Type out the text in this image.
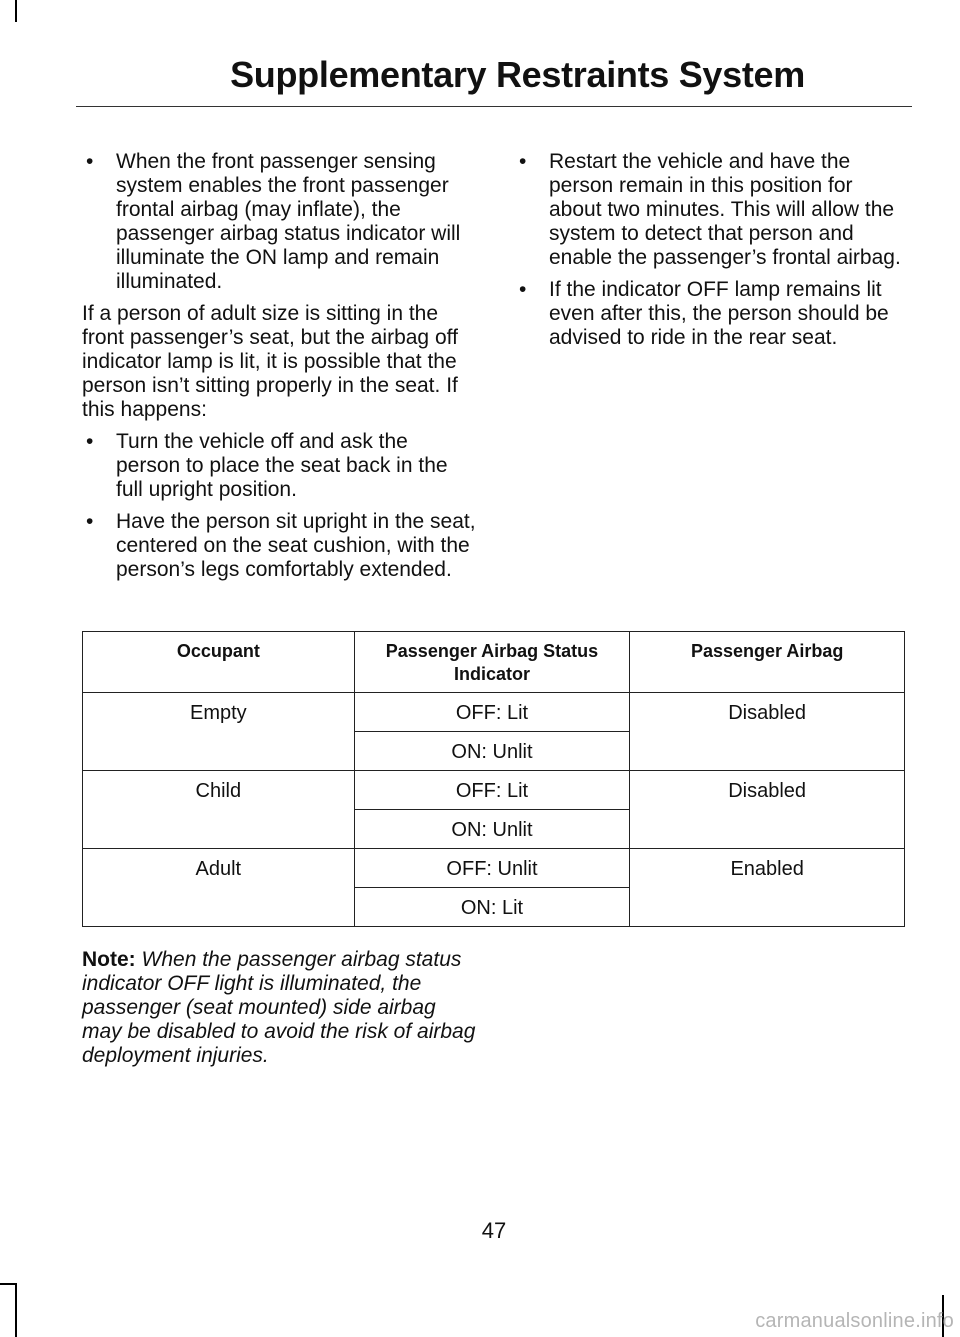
Supplementary Restraints System
• When the front passenger sensing system enables the front passenger frontal airbag (may inflate), the passenger airbag status indicator will illuminate the ON lamp and remain illuminated.

If a person of adult size is sitting in the front passenger’s seat, but the airbag off indicator lamp is lit, it is possible that the person isn’t sitting properly in the seat. If this happens:

• Turn the vehicle off and ask the person to place the seat back in the full upright position.
• Have the person sit upright in the seat, centered on the seat cushion, with the person’s legs comfortably extended.
• Restart the vehicle and have the person remain in this position for about two minutes. This will allow the system to detect that person and enable the passenger’s frontal airbag.
• If the indicator OFF lamp remains lit even after this, the person should be advised to ride in the rear seat.
Occupant	Passenger Airbag Status Indicator	Passenger Airbag
Empty	OFF: Lit	Disabled
	ON: Unlit	
Child	OFF: Lit	Disabled
	ON: Unlit	
Adult	OFF: Unlit	Enabled
	ON: Lit	
Note: When the passenger airbag status indicator OFF light is illuminated, the passenger (seat mounted) side airbag may be disabled to avoid the risk of airbag deployment injuries.
47
carmanualsonline.info
